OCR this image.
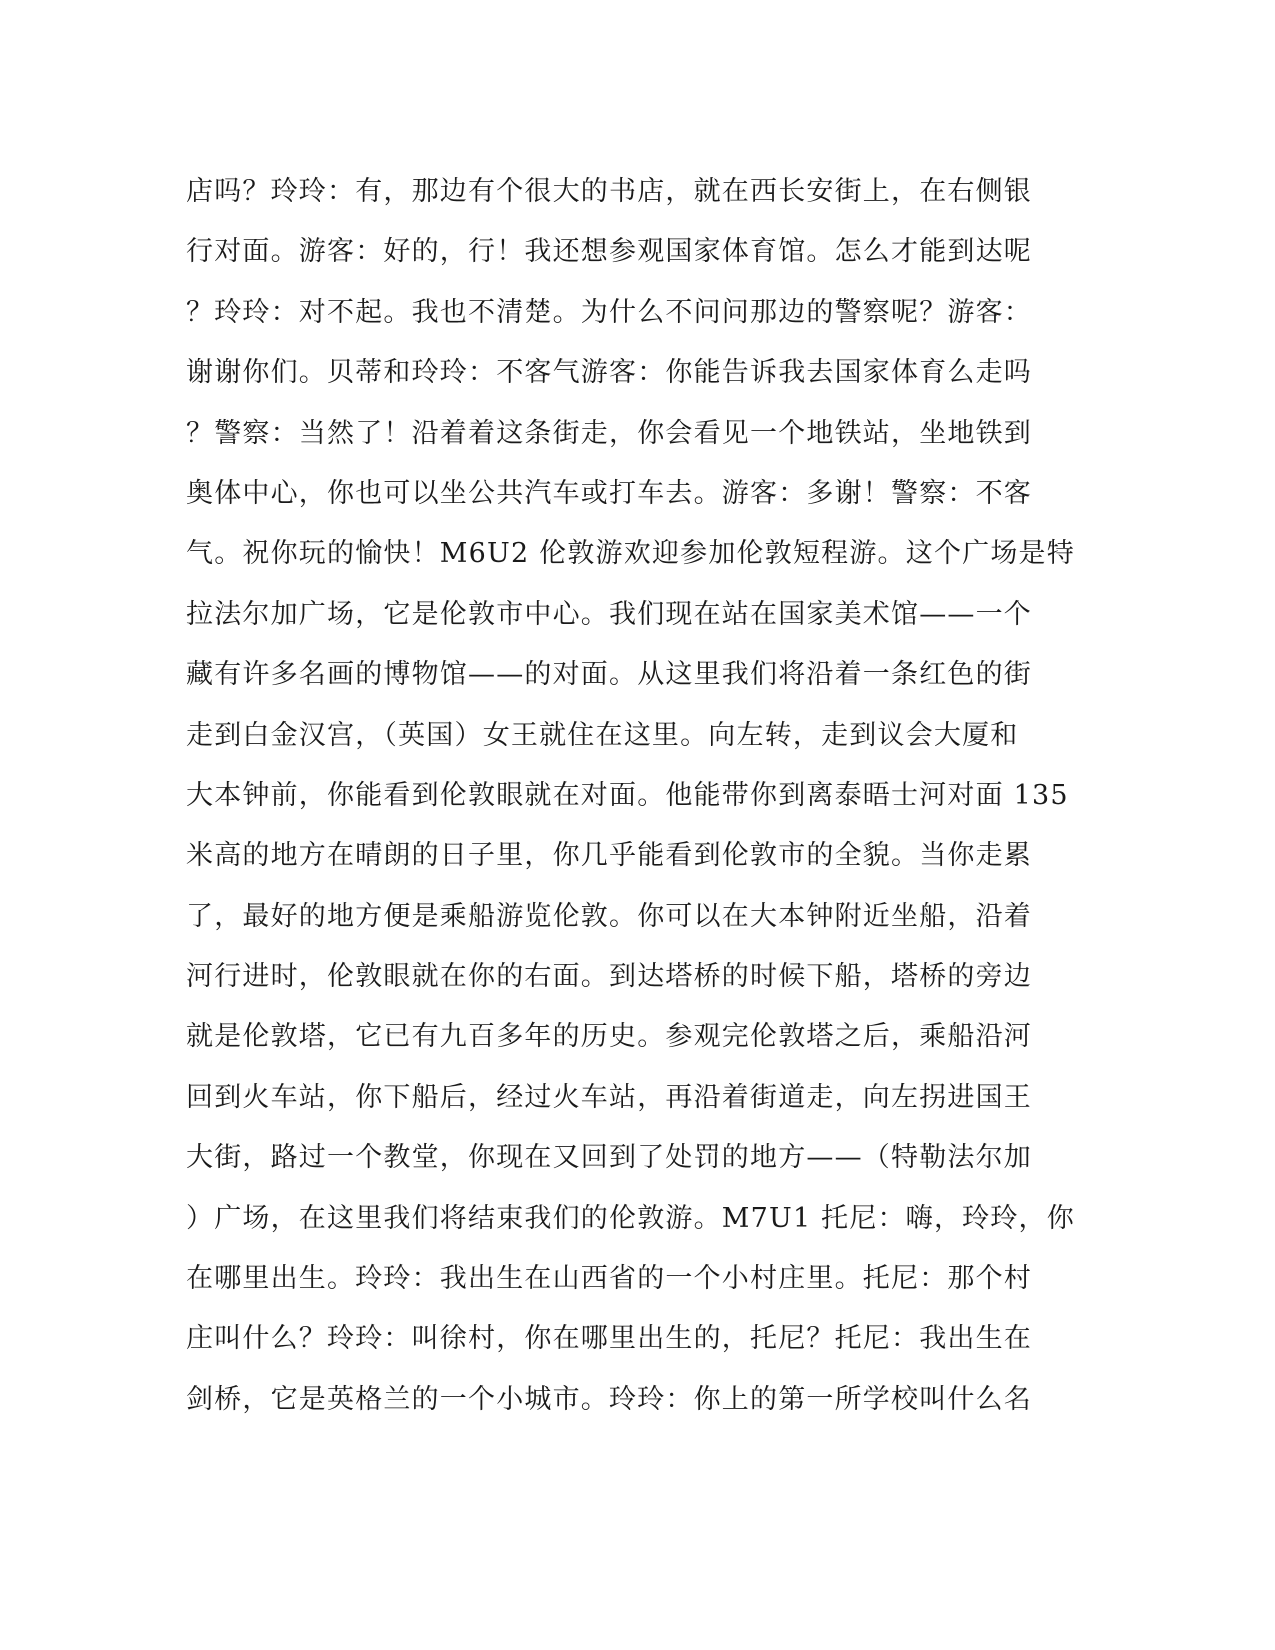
店吗？玲玲：有，那边有个很大的书店，就在西长安街上，在右侧银
行对面。游客：好的，行！我还想参观国家体育馆。怎么才能到达呢
？玲玲：对不起。我也不清楚。为什么不问问那边的警察呢？游客：
谢谢你们。贝蒂和玲玲：不客气游客：你能告诉我去国家体育么走吗
？警察：当然了！沿着着这条街走，你会看见一个地铁站，坐地铁到
奥体中心，你也可以坐公共汽车或打车去。游客：多谢！警察：不客
气。祝你玩的愉快！M6U2 伦敦游欢迎参加伦敦短程游。这个广场是特
拉法尔加广场，它是伦敦市中心。我们现在站在国家美术馆——一个
藏有许多名画的博物馆——的对面。从这里我们将沿着一条红色的街
走到白金汉宫，（英国）女王就住在这里。向左转，走到议会大厦和
大本钟前，你能看到伦敦眼就在对面。他能带你到离泰晤士河对面 135
米高的地方在晴朗的日子里，你几乎能看到伦敦市的全貌。当你走累
了，最好的地方便是乘船游览伦敦。你可以在大本钟附近坐船，沿着
河行进时，伦敦眼就在你的右面。到达塔桥的时候下船，塔桥的旁边
就是伦敦塔，它已有九百多年的历史。参观完伦敦塔之后，乘船沿河
回到火车站，你下船后，经过火车站，再沿着街道走，向左拐进国王
大街，路过一个教堂，你现在又回到了处罚的地方——（特勒法尔加
）广场，在这里我们将结束我们的伦敦游。M7U1 托尼：嗨，玲玲，你
在哪里出生。玲玲：我出生在山西省的一个小村庄里。托尼：那个村
庄叫什么？玲玲：叫徐村，你在哪里出生的，托尼？托尼：我出生在
剑桥，它是英格兰的一个小城市。玲玲：你上的第一所学校叫什么名
